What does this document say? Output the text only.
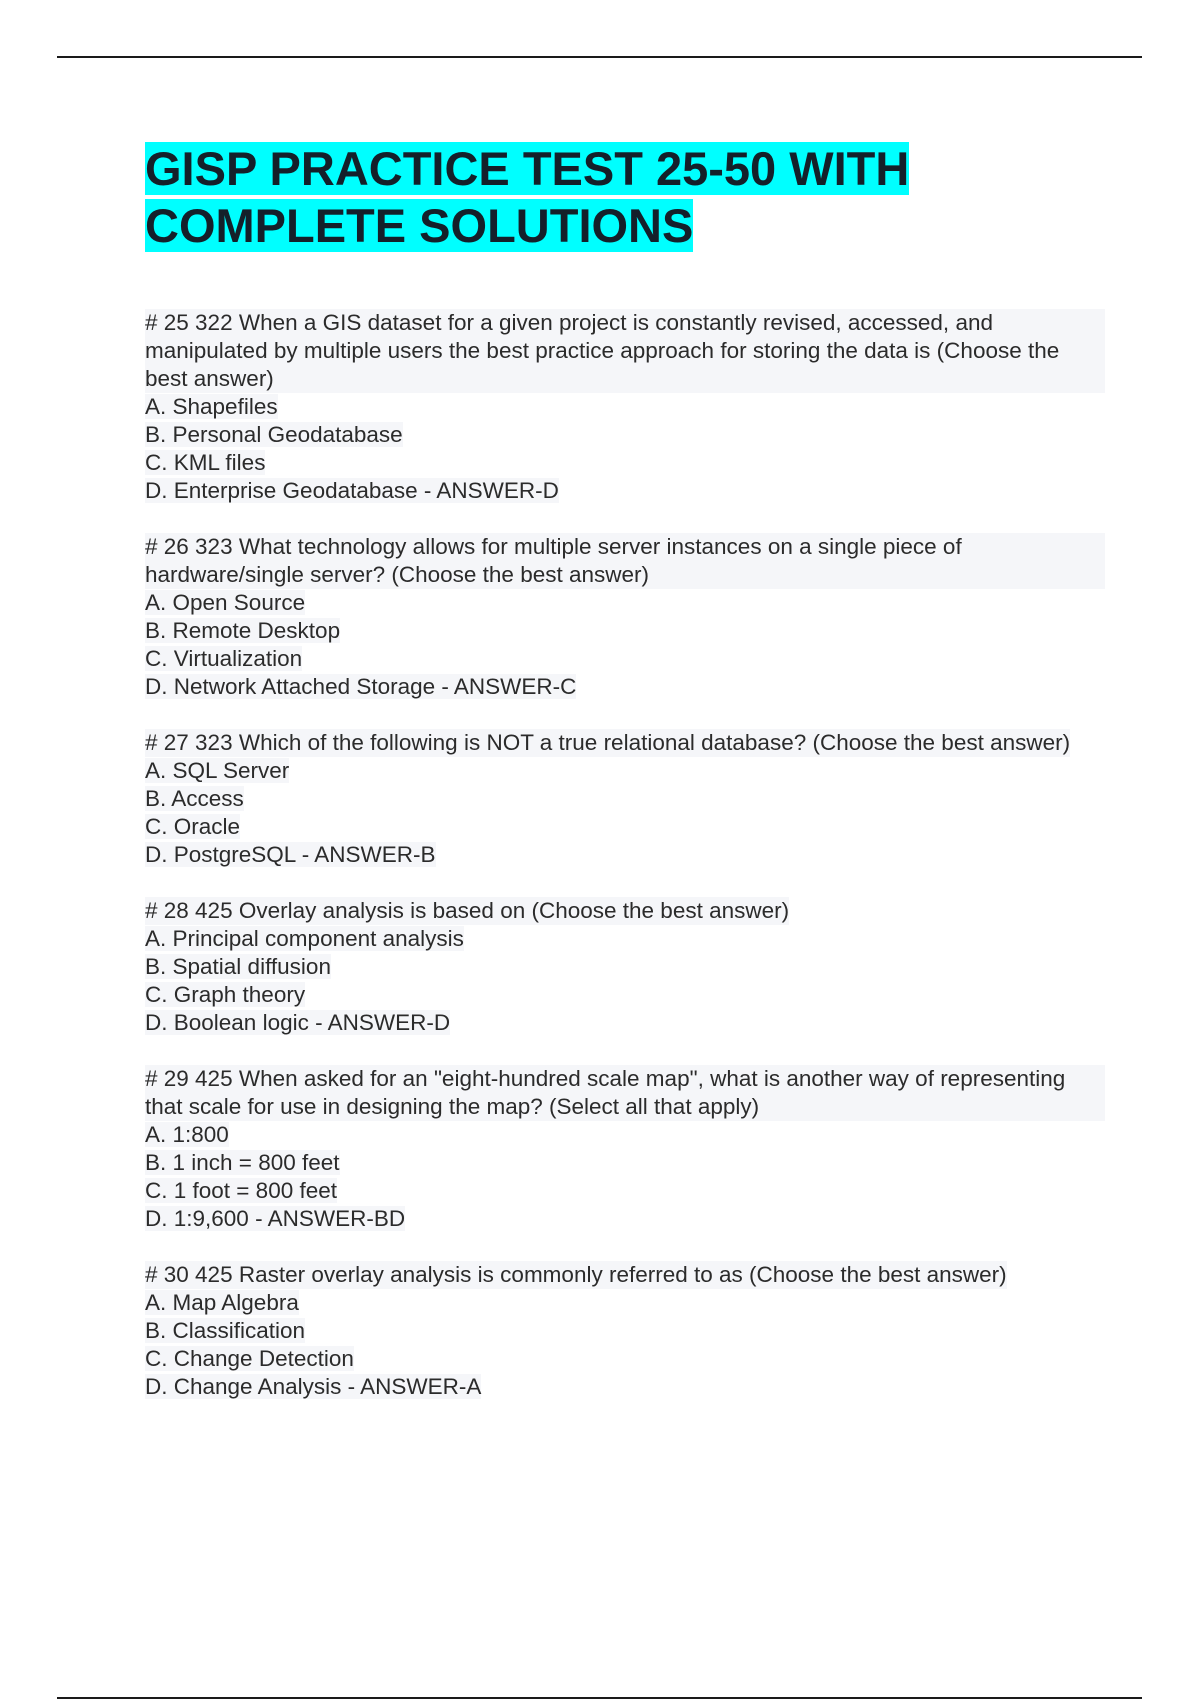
GISP PRACTICE TEST 25-50 WITH
COMPLETE SOLUTIONS

# 25 322 When a GIS dataset for a given project is constantly revised, accessed, and manipulated by multiple users the best practice approach for storing the data is (Choose the best answer)

A. Shapefiles
B. Personal Geodatabase
C. KML files
D. Enterprise Geodatabase - ANSWER-D

# 26 323 What technology allows for multiple server instances on a single piece of hardware/single server? (Choose the best answer)

A. Open Source
B. Remote Desktop
C. Virtualization
D. Network Attached Storage - ANSWER-C

# 27 323 Which of the following is NOT a true relational database? (Choose the best answer)

A. SQL Server
B. Access
C. Oracle
D. PostgreSQL - ANSWER-B

# 28 425 Overlay analysis is based on (Choose the best answer)

A. Principal component analysis
B. Spatial diffusion
C. Graph theory
D. Boolean logic - ANSWER-D

# 29 425 When asked for an "eight-hundred scale map", what is another way of representing that scale for use in designing the map? (Select all that apply)

A. 1:800
B. 1 inch = 800 feet
C. 1 foot = 800 feet
D. 1:9,600 - ANSWER-BD

# 30 425 Raster overlay analysis is commonly referred to as (Choose the best answer)

A. Map Algebra
B. Classification
C. Change Detection
D. Change Analysis - ANSWER-A
